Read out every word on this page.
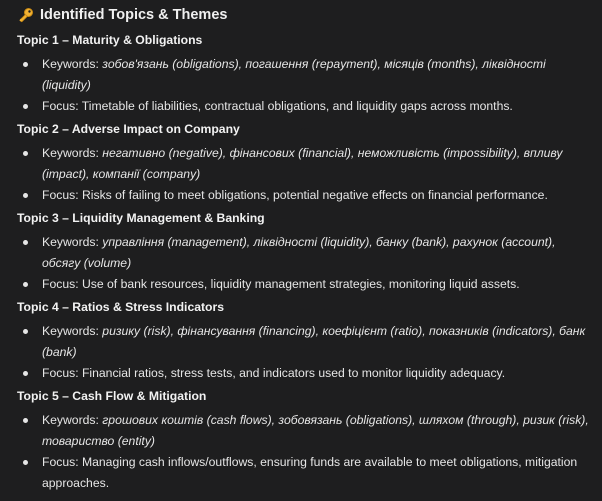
Identified Topics & Themes
Topic 1 – Maturity & Obligations
Keywords: зобов'язань (obligations), погашення (repayment), місяців (months), ліквідності (liquidity)
Focus: Timetable of liabilities, contractual obligations, and liquidity gaps across months.
Topic 2 – Adverse Impact on Company
Keywords: негативно (negative), фінансових (financial), неможливість (impossibility), впливу (impact), компанії (company)
Focus: Risks of failing to meet obligations, potential negative effects on financial performance.
Topic 3 – Liquidity Management & Banking
Keywords: управління (management), ліквідності (liquidity), банку (bank), рахунок (account), обсягу (volume)
Focus: Use of bank resources, liquidity management strategies, monitoring liquid assets.
Topic 4 – Ratios & Stress Indicators
Keywords: ризику (risk), фінансування (financing), коефіцієнт (ratio), показників (indicators), банк (bank)
Focus: Financial ratios, stress tests, and indicators used to monitor liquidity adequacy.
Topic 5 – Cash Flow & Mitigation
Keywords: грошових коштів (cash flows), зобовязань (obligations), шляхом (through), ризик (risk), товариство (entity)
Focus: Managing cash inflows/outflows, ensuring funds are available to meet obligations, mitigation approaches.
